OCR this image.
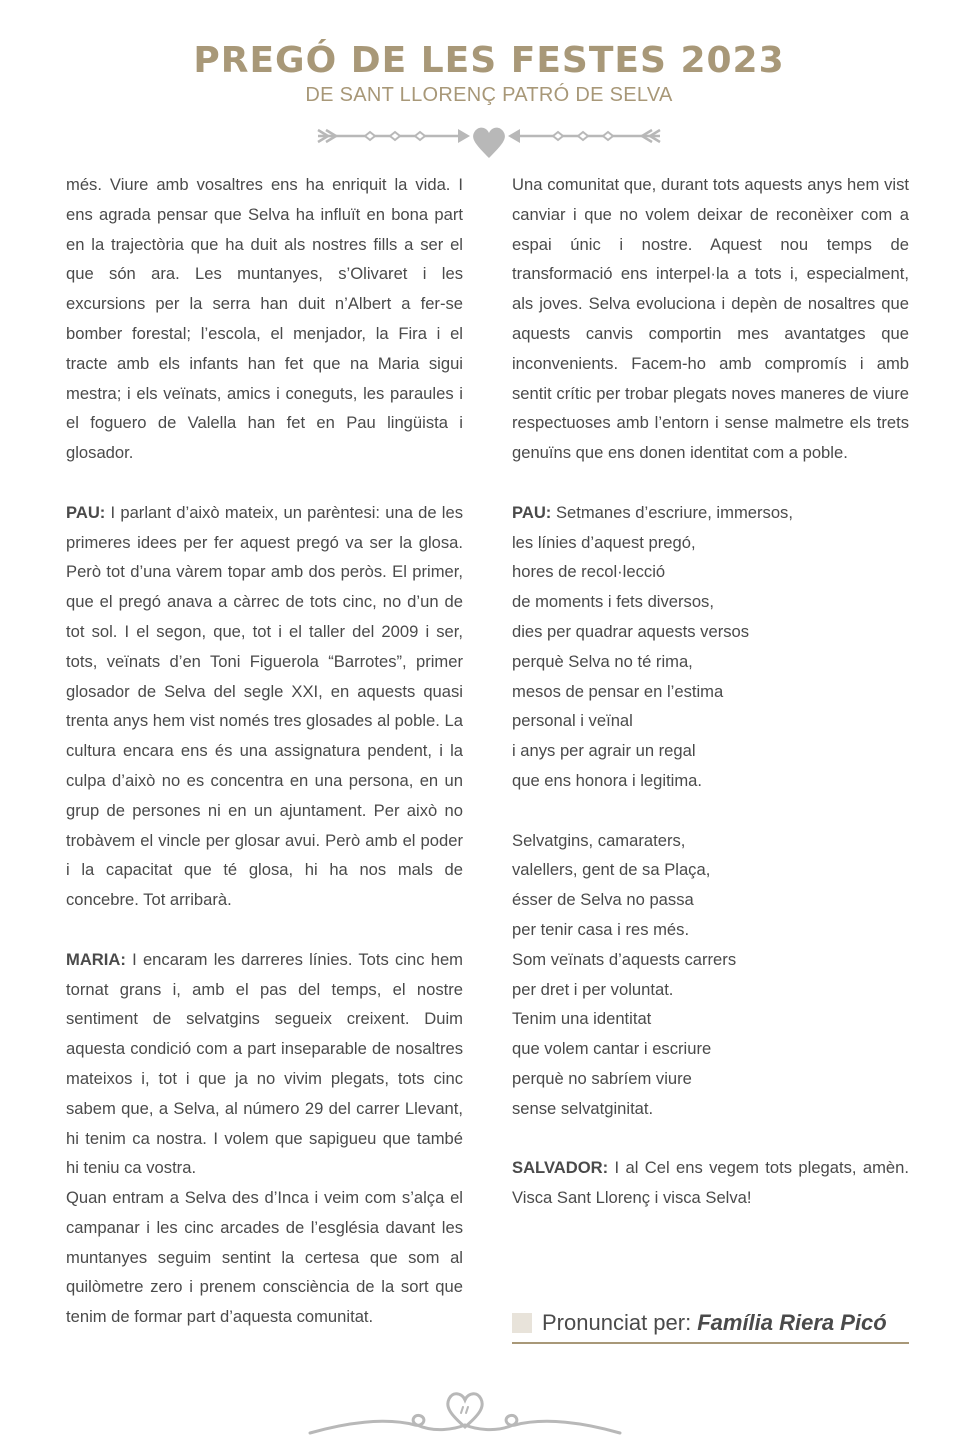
PREGÓ DE LES FESTES 2023
DE SANT LLORENÇ PATRÓ DE SELVA

més. Viure amb vosaltres ens ha enriquit la vida. I ens agrada pensar que Selva ha influït en bona part en la trajectòria que ha duit als nostres fills a ser el que són ara. Les muntanyes, s’Olivaret i les excursions per la serra han duit n’Albert a fer-se bomber forestal; l’escola, el menjador, la Fira i el tracte amb els infants han fet que na Maria sigui mestra; i els veïnats, amics i coneguts, les paraules i el foguero de Valella han fet en Pau lingüista i glosador.

PAU: I parlant d’això mateix, un parèntesi: una de les primeres idees per fer aquest pregó va ser la glosa. Però tot d’una vàrem topar amb dos peròs. El primer, que el pregó anava a càrrec de tots cinc, no d’un de tot sol. I el segon, que, tot i el taller del 2009 i ser, tots, veïnats d’en Toni Figuerola “Barrotes”, primer glosador de Selva del segle XXI, en aquests quasi trenta anys hem vist només tres glosades al poble. La cultura encara ens és una assignatura pendent, i la culpa d’això no es concentra en una persona, en un grup de persones ni en un ajuntament. Per això no trobàvem el vincle per glosar avui. Però amb el poder i la capacitat que té glosa, hi ha nos mals de concebre. Tot arribarà.

MARIA: I encaram les darreres línies. Tots cinc hem tornat grans i, amb el pas del temps, el nostre sentiment de selvatgins segueix creixent. Duim aquesta condició com a part inseparable de nosaltres mateixos i, tot i que ja no vivim plegats, tots cinc sabem que, a Selva, al número 29 del carrer Llevant, hi tenim ca nostra. I volem que sapigueu que també hi teniu ca vostra.

Quan entram a Selva des d’Inca i veim com s’alça el campanar i les cinc arcades de l’església davant les muntanyes seguim sentint la certesa que som al quilòmetre zero i prenem consciència de la sort que tenim de formar part d’aquesta comunitat.

Una comunitat que, durant tots aquests anys hem vist canviar i que no volem deixar de reconèixer com a espai únic i nostre. Aquest nou temps de transformació ens interpel·la a tots i, especialment, als joves. Selva evoluciona i depèn de nosaltres que aquests canvis comportin mes avantatges que inconvenients. Facem-ho amb compromís i amb sentit crític per trobar plegats noves maneres de viure respectuoses amb l’entorn i sense malmetre els trets genuïns que ens donen identitat com a poble.

PAU: Setmanes d’escriure, immersos,
les línies d’aquest pregó,
hores de recol·lecció
de moments i fets diversos,
dies per quadrar aquests versos
perquè Selva no té rima,
mesos de pensar en l’estima
personal i veïnal
i anys per agrair un regal
que ens honora i legitima.
Selvatgins, camaraters,
valellers, gent de sa Plaça,
ésser de Selva no passa
per tenir casa i res més.
Som veïnats d’aquests carrers
per dret i per voluntat.
Tenim una identitat
que volem cantar i escriure
perquè no sabríem viure
sense selvatginitat.

SALVADOR: I al Cel ens vegem tots plegats, amèn. Visca Sant Llorenç i visca Selva!

Pronunciat per: Família Riera Picó
